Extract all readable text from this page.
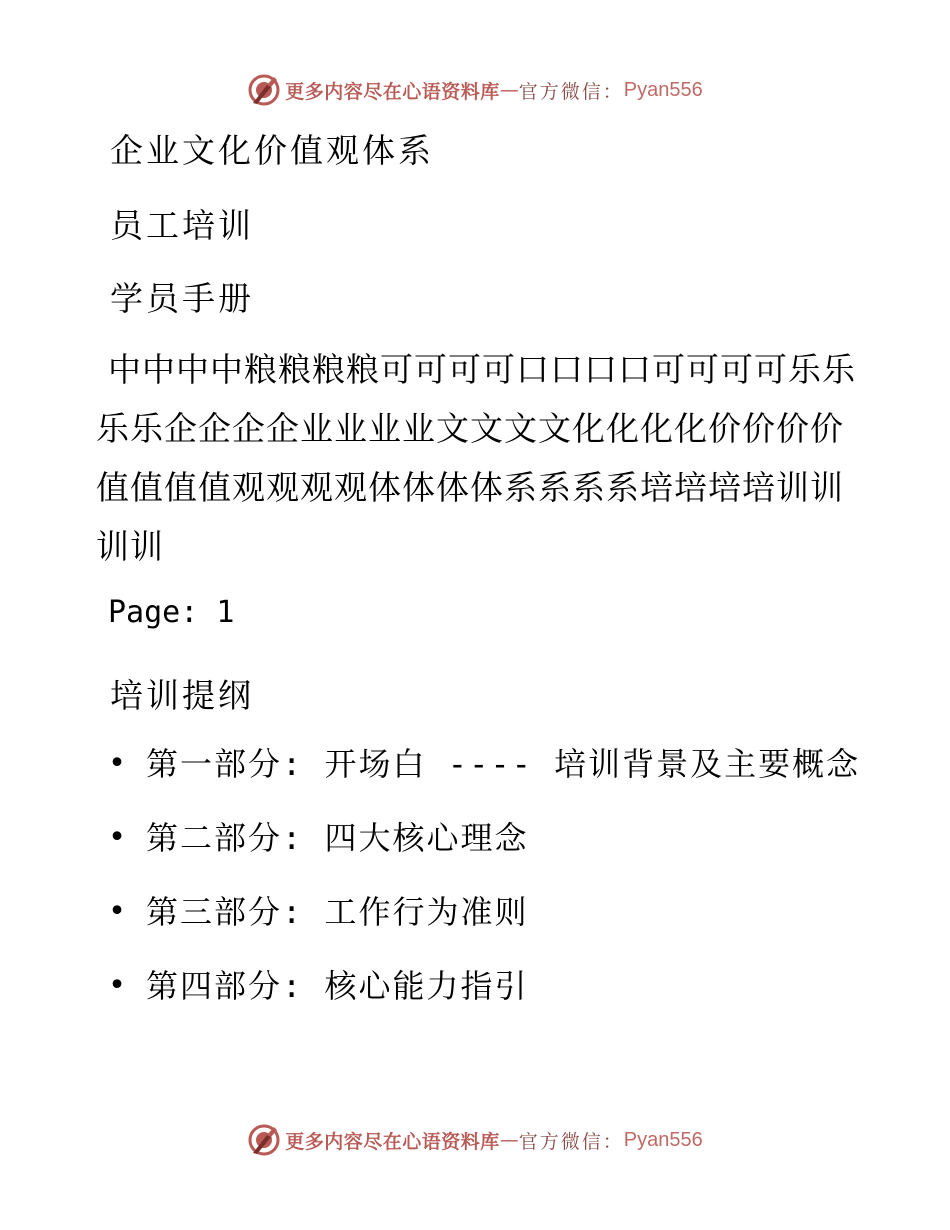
更多内容尽在心语资料库 — 官方微信： Pyan556
企业文化价值观体系
员工培训
学员手册
中中中中粮粮粮粮可可可可口口口口可可可可乐乐乐乐企企企企业业业业文文文文化化化化价价价价值值值值观观观观体体体体系系系系培培培培训训训训
Page: 1
培训提纲
• 第一部分: 开场白 ---- 培训背景及主要概念
• 第二部分: 四大核心理念
• 第三部分: 工作行为准则
• 第四部分: 核心能力指引
更多内容尽在心语资料库 — 官方微信： Pyan556
